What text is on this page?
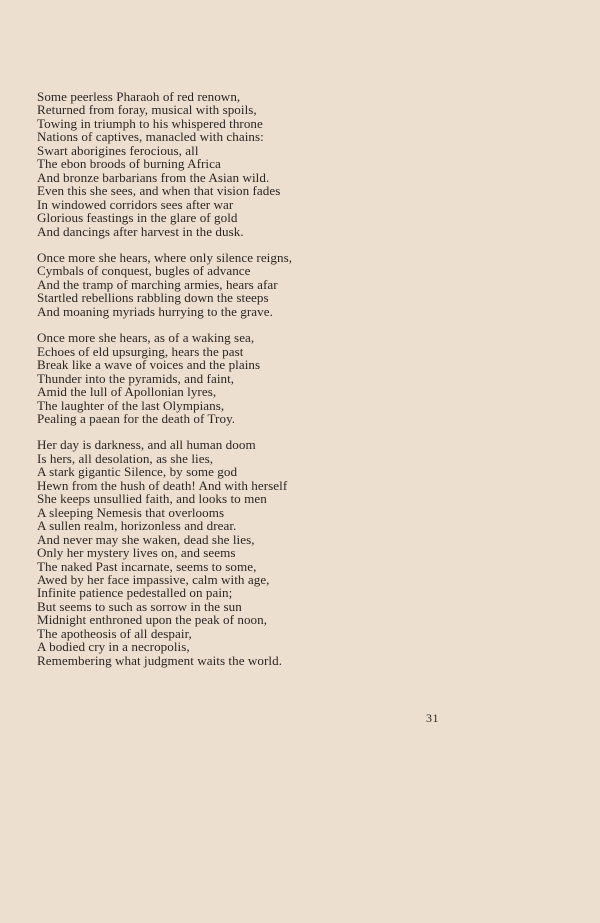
Some peerless Pharaoh of red renown,
Returned from foray, musical with spoils,
Towing in triumph to his whispered throne
Nations of captives, manacled with chains:
Swart aborigines ferocious, all
The ebon broods of burning Africa
And bronze barbarians from the Asian wild.
Even this she sees, and when that vision fades
In windowed corridors sees after war
Glorious feastings in the glare of gold
And dancings after harvest in the dusk.
Once more she hears, where only silence reigns,
Cymbals of conquest, bugles of advance
And the tramp of marching armies, hears afar
Startled rebellions rabbling down the steeps
And moaning myriads hurrying to the grave.
Once more she hears, as of a waking sea,
Echoes of eld upsurging, hears the past
Break like a wave of voices and the plains
Thunder into the pyramids, and faint,
Amid the lull of Apollonian lyres,
The laughter of the last Olympians,
Pealing a paean for the death of Troy.
Her day is darkness, and all human doom
Is hers, all desolation, as she lies,
A stark gigantic Silence, by some god
Hewn from the hush of death! And with herself
She keeps unsullied faith, and looks to men
A sleeping Nemesis that overlooms
A sullen realm, horizonless and drear.
And never may she waken, dead she lies,
Only her mystery lives on, and seems
The naked Past incarnate, seems to some,
Awed by her face impassive, calm with age,
Infinite patience pedestalled on pain;
But seems to such as sorrow in the sun
Midnight enthroned upon the peak of noon,
The apotheosis of all despair,
A bodied cry in a necropolis,
Remembering what judgment waits the world.
31
